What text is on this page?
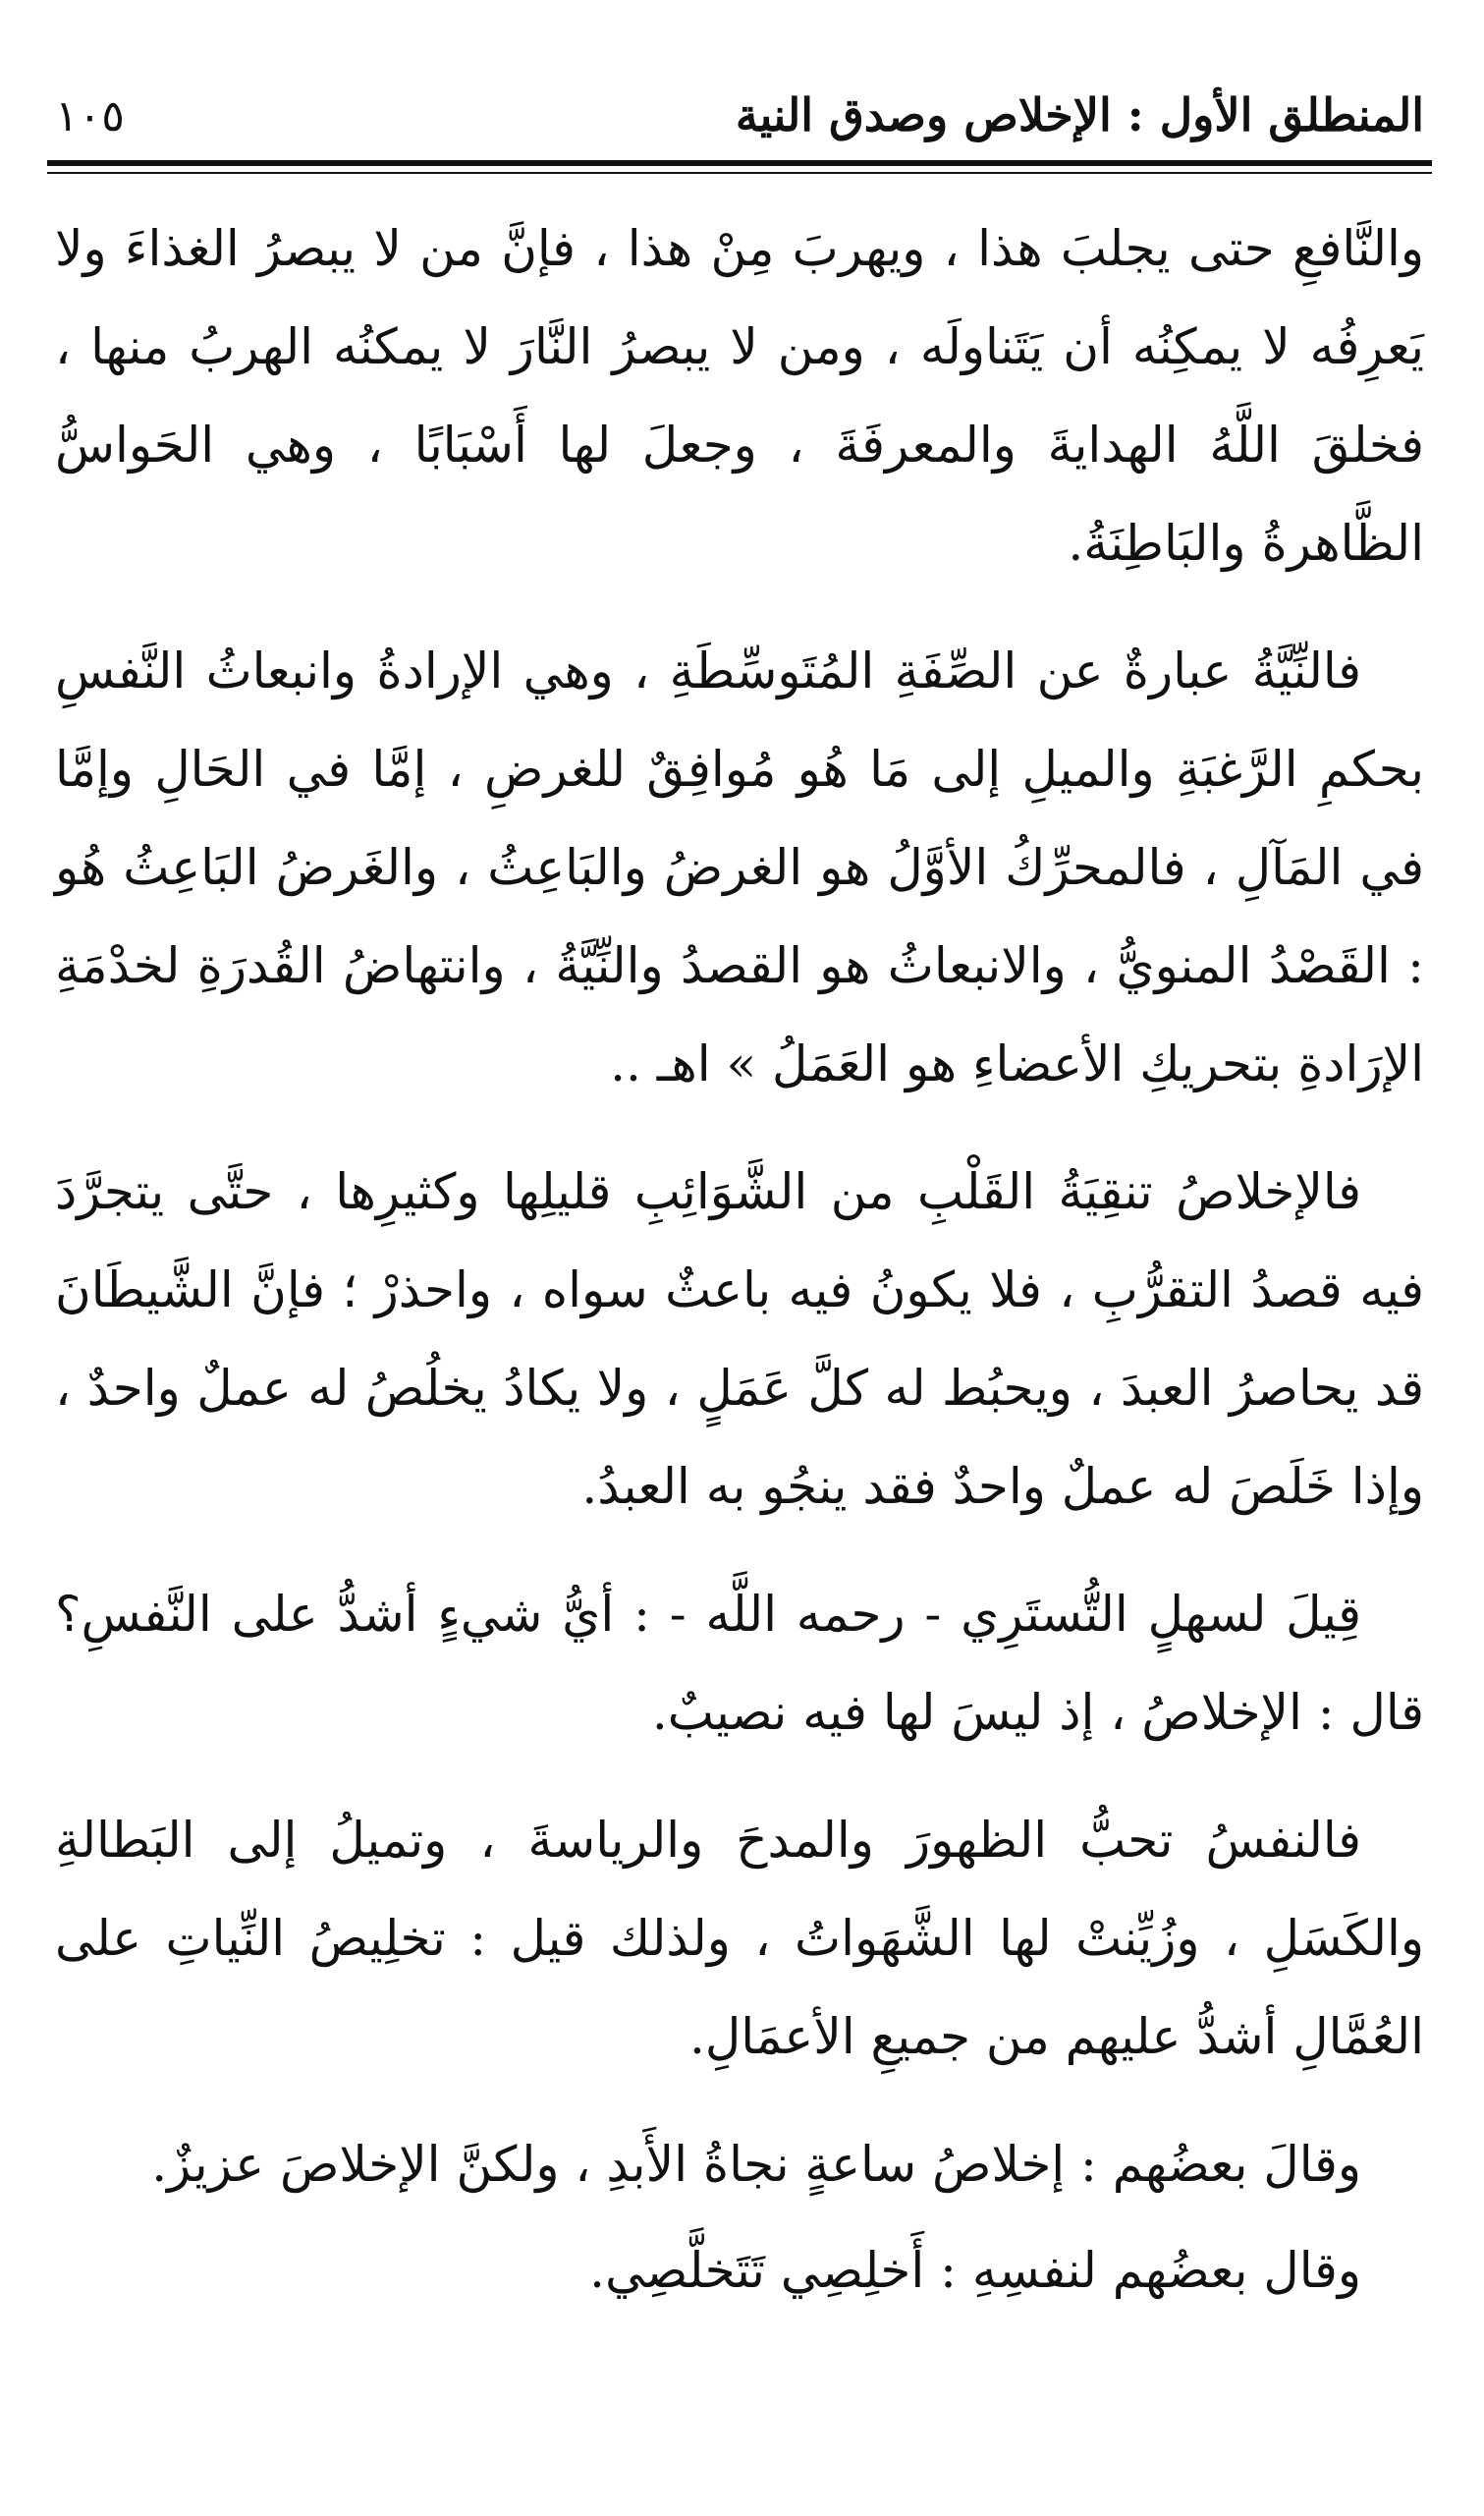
المنطلق الأول : الإخلاص وصدق النية
١٠٥

والنَّافعِ حتى يجلبَ هذا ، ويهربَ مِنْ هذا ، فإنَّ من لا يبصرُ الغذاءَ ولا يَعرِفُه لا يمكِنُه أن يَتَناولَه ، ومن لا يبصرُ النَّارَ لا يمكنُه الهربُ منها ، فخلقَ اللَّهُ الهدايةَ والمعرفَةَ ، وجعلَ لها أَسْبَابًا ، وهي الحَواسُّ الظَّاهرةُ والبَاطِنَةُ.

فالنِّيَّةُ عبارةٌ عن الصِّفَةِ المُتَوسِّطَةِ ، وهي الإرادةُ وانبعاثُ النَّفسِ بحكمِ الرَّغبَةِ والميلِ إلى مَا هُو مُوافِقٌ للغرضِ ، إمَّا في الحَالِ وإمَّا في المَآلِ ، فالمحرِّكُ الأوَّلُ هو الغرضُ والبَاعِثُ ، والغَرضُ البَاعِثُ هُو : القَصْدُ المنويُّ ، والانبعاثُ هو القصدُ والنِّيَّةُ ، وانتهاضُ القُدرَةِ لخدْمَةِ الإرَادةِ بتحريكِ الأعضاءِ هو العَمَلُ » اهـ ..

فالإخلاصُ تنقِيَةُ القَلْبِ من الشَّوَائِبِ قليلِها وكثيرِها ، حتَّى يتجرَّدَ فيه قصدُ التقرُّبِ ، فلا يكونُ فيه باعثٌ سواه ، واحذرْ ؛ فإنَّ الشَّيطَانَ قد يحاصرُ العبدَ ، ويحبُط له كلَّ عَمَلٍ ، ولا يكادُ يخلُصُ له عملٌ واحدٌ ، وإذا خَلَصَ له عملٌ واحدٌ فقد ينجُو به العبدُ.

قِيلَ لسهلٍ التُّستَرِي - رحمه اللَّه - : أيُّ شيءٍ أشدُّ على النَّفسِ؟ قال : الإخلاصُ ، إذ ليسَ لها فيه نصيبٌ.

فالنفسُ تحبُّ الظهورَ والمدحَ والرياسةَ ، وتميلُ إلى البَطالةِ والكَسَلِ ، وزُيِّنتْ لها الشَّهَواتُ ، ولذلك قيل : تخلِيصُ النِّياتِ على العُمَّالِ أشدُّ عليهم من جميعِ الأعمَالِ.

وقالَ بعضُهم : إخلاصُ ساعةٍ نجاةُ الأَبدِ ، ولكنَّ الإخلاصَ عزيزٌ.

وقال بعضُهم لنفسِهِ : أَخلِصِي تَتَخلَّصِي.
